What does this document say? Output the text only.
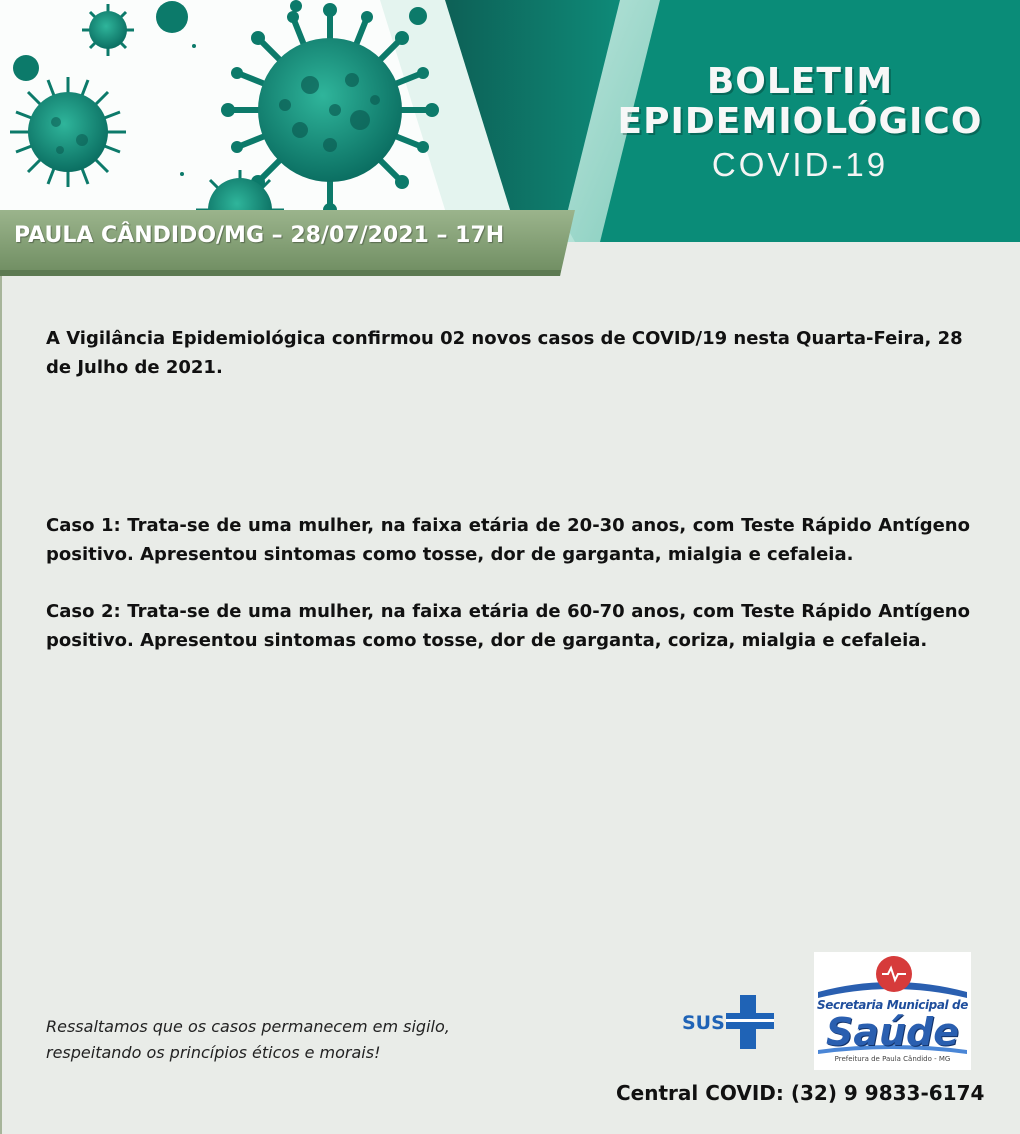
BOLETIM
EPIDEMIOLÓGICO
COVID-19
PAULA CÂNDIDO/MG – 28/07/2021 – 17H

A Vigilância Epidemiológica confirmou 02 novos casos de COVID/19 nesta Quarta-Feira, 28 de Julho de 2021.

Caso 1: Trata-se de uma mulher, na faixa etária de 20-30 anos, com Teste Rápido Antígeno positivo. Apresentou sintomas como tosse, dor de garganta, mialgia e cefaleia.

Caso 2: Trata-se de uma mulher, na faixa etária de 60-70 anos, com Teste Rápido Antígeno positivo. Apresentou sintomas como tosse, dor de garganta, coriza, mialgia e cefaleia.

Ressaltamos que os casos permanecem em sigilo,
respeitando os princípios éticos e morais!
SUS
Secretaria Municipal de
Saúde
Prefeitura de Paula Cândido - MG
Central COVID: (32) 9 9833-6174
